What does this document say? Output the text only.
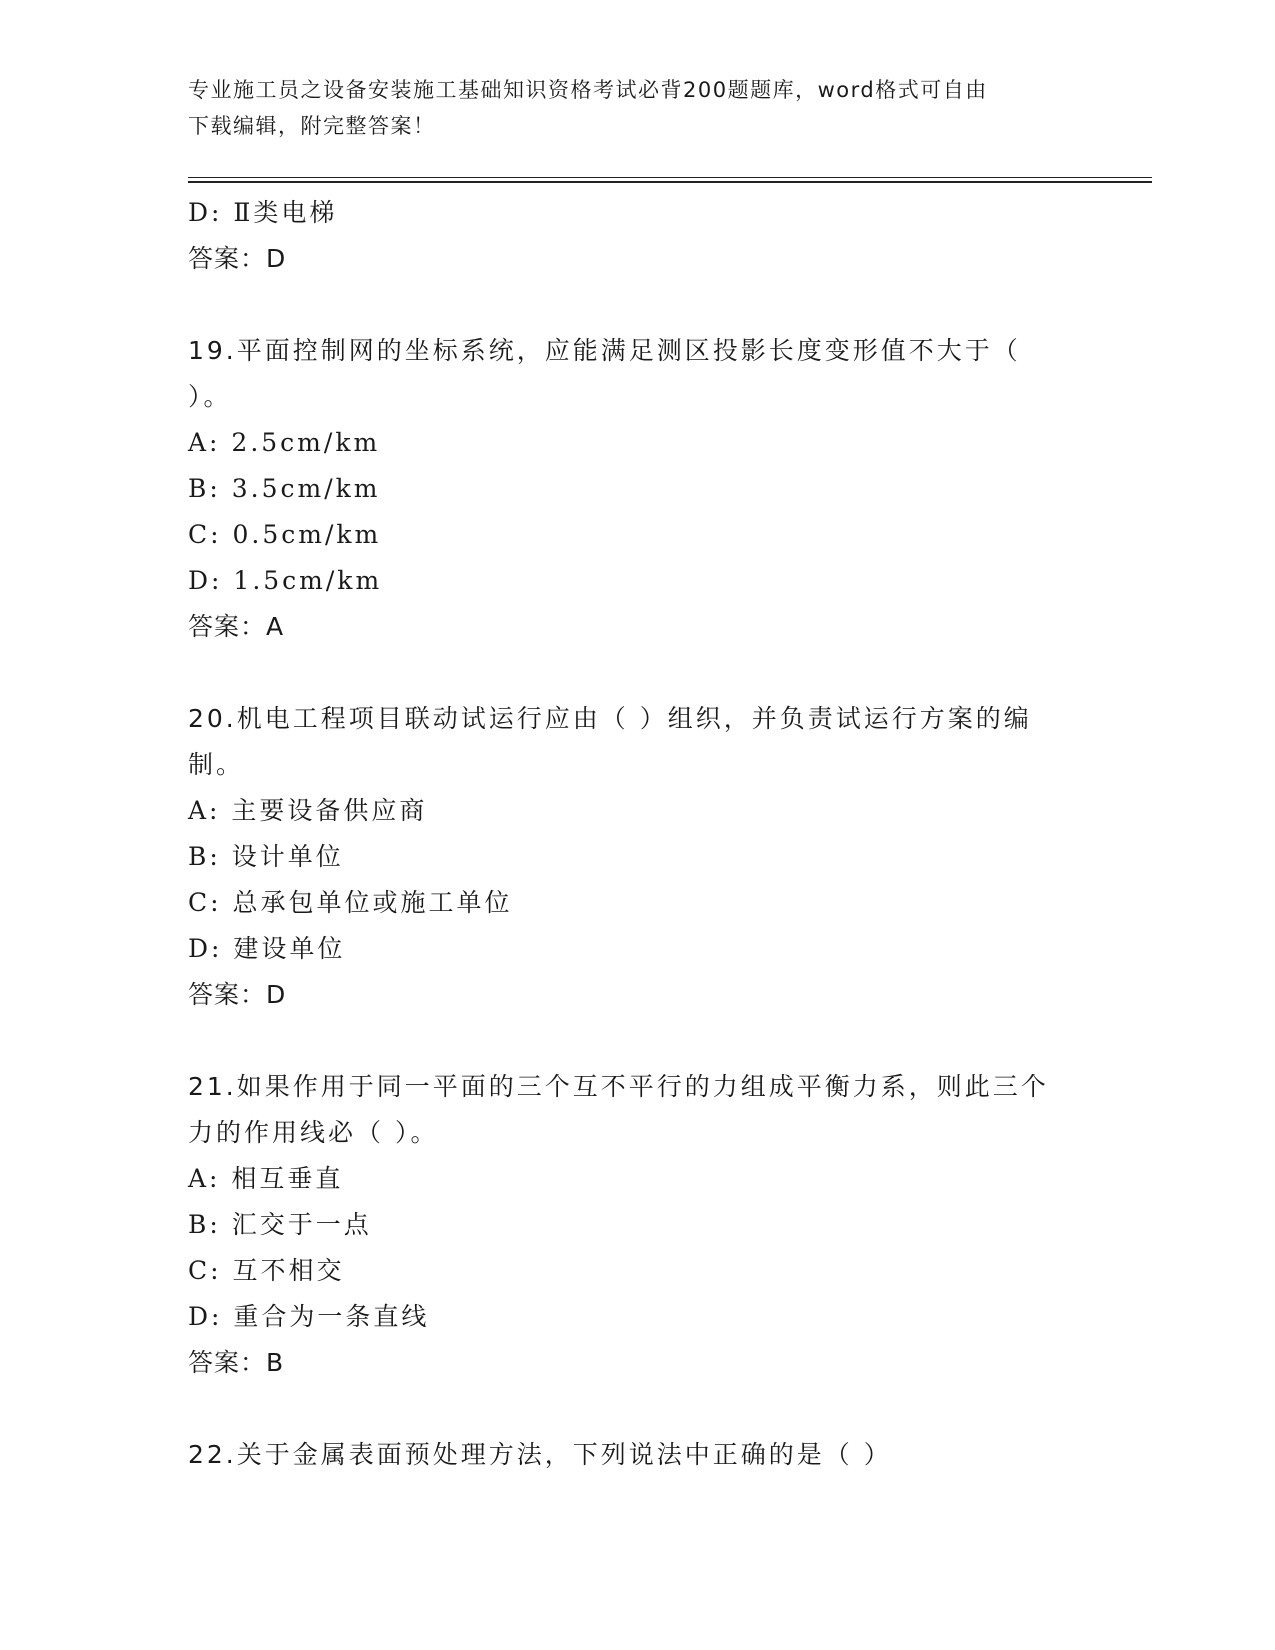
专业施工员之设备安装施工基础知识资格考试必背200题题库，word格式可自由
下载编辑，附完整答案！
D: Ⅱ类电梯
答案：D
19.平面控制网的坐标系统，应能满足测区投影长度变形值不大于（
）。
A: 2.5cm/km
B: 3.5cm/km
C: 0.5cm/km
D: 1.5cm/km
答案：A
20.机电工程项目联动试运行应由（ ）组织，并负责试运行方案的编
制。
A: 主要设备供应商
B: 设计单位
C: 总承包单位或施工单位
D: 建设单位
答案：D
21.如果作用于同一平面的三个互不平行的力组成平衡力系，则此三个
力的作用线必（ ）。
A: 相互垂直
B: 汇交于一点
C: 互不相交
D: 重合为一条直线
答案：B
22.关于金属表面预处理方法，下列说法中正确的是（ ）
